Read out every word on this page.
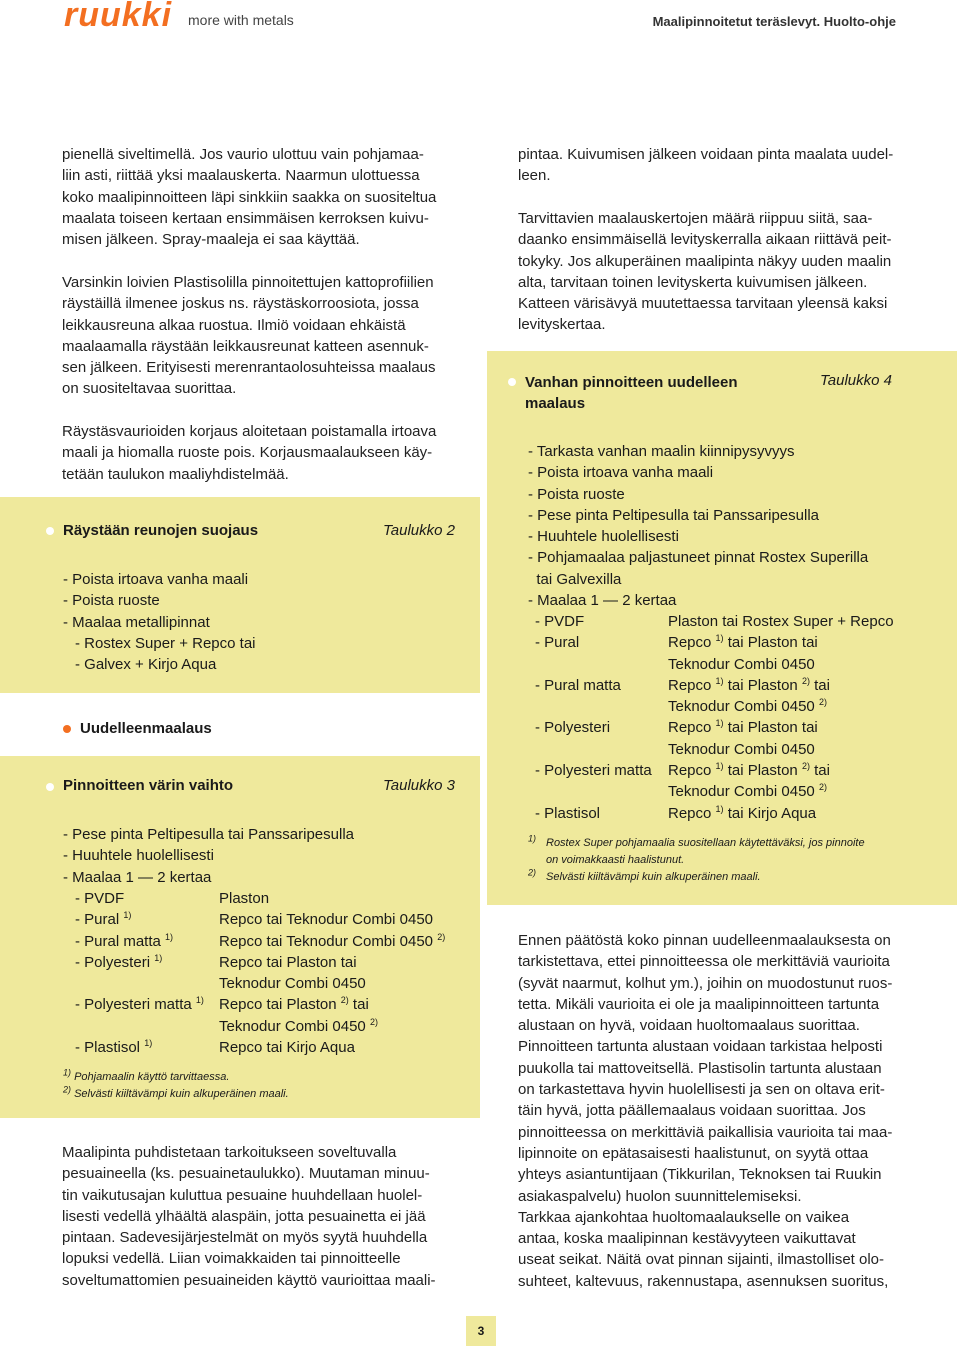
ruukki more with metals	Maalipinnoitetut teräslevyt. Huolto-ohje
pienellä siveltimellä. Jos vaurio ulottuu vain pohjamaa-
liin asti, riittää yksi maalauskerta. Naarmun ulottuessa
koko maalipinnoitteen läpi sinkkiin saakka on suositeltua
maalata toiseen kertaan ensimmäisen kerroksen kuivu-
misen jälkeen. Spray-maaleja ei saa käyttää.
Varsinkin loivien Plastisolilla pinnoitettujen kattoprofiilien
räystäillä ilmenee joskus ns. räystäskorroosiota, jossa
leikkausreuna alkaa ruostua. Ilmiö voidaan ehkäistä
maalaamalla räystään leikkausreunat katteen asennuk-
sen jälkeen. Erityisesti merenrantaolosuhteissa maalaus
on suositeltavaa suorittaa.
Räystäsvaurioiden korjaus aloitetaan poistamalla irtoava
maali ja hiomalla ruoste pois. Korjausmaalaukseen käy-
tetään taulukon maaliyhdistelmää.
Räystään reunojen suojaus	Taulukko 2
- Poista irtoava vanha maali
- Poista ruoste
- Maalaa metallipinnat
- Rostex Super + Repco tai
- Galvex + Kirjo Aqua
Uudelleenmaalaus
Pinnoitteen värin vaihto	Taulukko 3
- Pese pinta Peltipesulla tai Panssaripesulla
- Huuhtele huolellisesti
- Maalaa 1 — 2 kertaa
- PVDF	Plaston
- Pural $^{1)}$	Repco tai Teknodur Combi 0450
- Pural matta $^{1)}$	Repco tai Teknodur Combi 0450 $^{2)}$
- Polyesteri $^{1)}$	Repco tai Plaston tai
Teknodur Combi 0450
- Polyesteri matta $^{1)}$	Repco tai Plaston $^{2)}$ tai
Teknodur Combi 0450 $^{2)}$
- Plastisol $^{1)}$	Repco tai Kirjo Aqua
$^{1)}$ Pohjamaalin käyttö tarvittaessa.
$^{2)}$ Selvästi kiiltävämpi kuin alkuperäinen maali.
Maalipinta puhdistetaan tarkoitukseen soveltuvalla
pesuaineella (ks. pesuainetaulukko). Muutaman minuu-
tin vaikutusajan kuluttua pesuaine huuhdellaan huolel-
lisesti vedellä ylhäältä alaspäin, jotta pesuainetta ei jää
pintaan. Sadevesijärjestelmät on myös syytä huuhdella
lopuksi vedellä. Liian voimakkaiden tai pinnoitteelle
soveltumattomien pesuaineiden käyttö vaurioittaa maali-
pintaa. Kuivumisen jälkeen voidaan pinta maalata uudel-
leen.
Tarvittavien maalauskertojen määrä riippuu siitä, saa-
daanko ensimmäisellä levityskerralla aikaan riittävä peit-
tokyky. Jos alkuperäinen maalipinta näkyy uuden maalin
alta, tarvitaan toinen levityskerta kuivumisen jälkeen.
Katteen värisävyä muutettaessa tarvitaan yleensä kaksi
levityskertaa.
Vanhan pinnoitteen uudelleen
maalaus
Taulukko 4
- Tarkasta vanhan maalin kiinnipysyvyys
- Poista irtoava vanha maali
- Poista ruoste
- Pese pinta Peltipesulla tai Panssaripesulla
- Huuhtele huolellisesti
- Pohjamaalaa paljastuneet pinnat Rostex Superilla
tai Galvexilla
- Maalaa 1 — 2 kertaa
- PVDF	Plaston tai Rostex Super + Repco
- Pural	Repco $^{1)}$ tai Plaston tai
Teknodur Combi 0450
- Pural matta	Repco $^{1)}$ tai Plaston $^{2)}$ tai
Teknodur Combi 0450 $^{2)}$
- Polyesteri	Repco $^{1)}$ tai Plaston tai
Teknodur Combi 0450
- Polyesteri matta	Repco $^{1)}$ tai Plaston $^{2)}$ tai
Teknodur Combi 0450 $^{2)}$
- Plastisol	Repco $^{1)}$ tai Kirjo Aqua
$^{1)}$ Rostex Super pohjamaalia suositellaan käytettäväksi, jos pinnoite
on voimakkaasti haalistunut.
$^{2)}$ Selvästi kiiltävämpi kuin alkuperäinen maali.
Ennen päätöstä koko pinnan uudelleenmaalauksesta on
tarkistettava, ettei pinnoitteessa ole merkittäviä vaurioita
(syvät naarmut, kolhut ym.), joihin on muodostunut ruos-
tetta. Mikäli vaurioita ei ole ja maalipinnoitteen tartunta
alustaan on hyvä, voidaan huoltomaalaus suorittaa.
Pinnoitteen tartunta alustaan voidaan tarkistaa helposti
puukolla tai mattoveitsellä. Plastisolin tartunta alustaan
on tarkastettava hyvin huolellisesti ja sen on oltava erit-
täin hyvä, jotta päällemaalaus voidaan suorittaa. Jos
pinnoitteessa on merkittäviä paikallisia vaurioita tai maa-
lipinnoite on epätasaisesti haalistunut, on syytä ottaa
yhteys asiantuntijaan (Tikkurilan, Teknoksen tai Ruukin
asiakaspalvelu) huolon suunnittelemiseksi.
Tarkkaa ajankohtaa huoltomaalaukselle on vaikea
antaa, koska maalipinnan kestävyyteen vaikuttavat
useat seikat. Näitä ovat pinnan sijainti, ilmastolliset olo-
suhteet, kaltevuus, rakennustapa, asennuksen suoritus,
3
